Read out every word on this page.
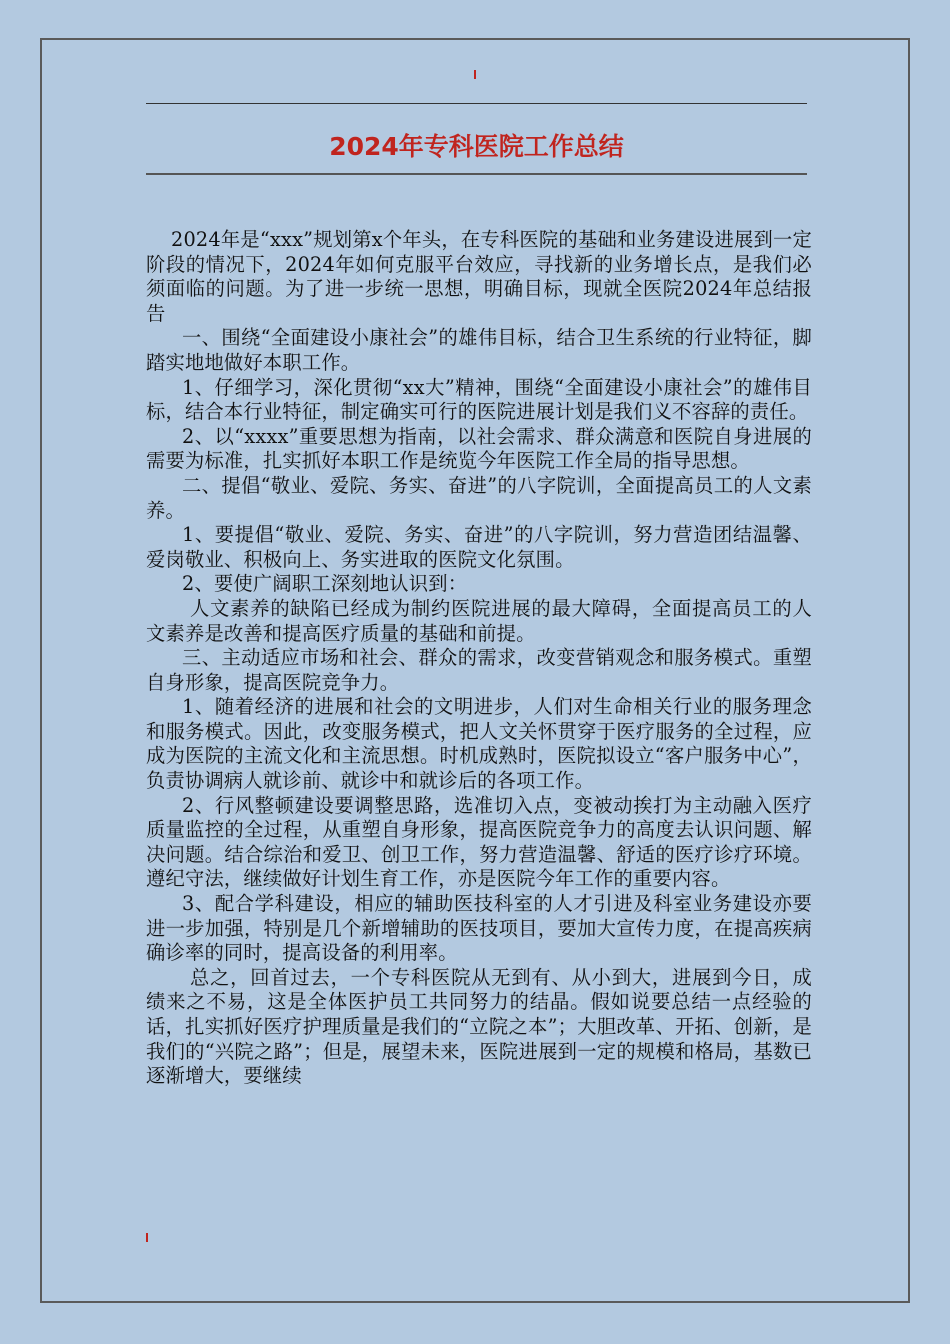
2024年专科医院工作总结

2024年是“xxx”规划第x个年头，在专科医院的基础和业务建设进展到一定阶段的情况下，2024年如何克服平台效应，寻找新的业务增长点，是我们必须面临的问题。为了进一步统一思想，明确目标，现就全医院2024年总结报告

一、围绕“全面建设小康社会”的雄伟目标，结合卫生系统的行业特征，脚踏实地地做好本职工作。

1、仔细学习，深化贯彻“xx大”精神，围绕“全面建设小康社会”的雄伟目标，结合本行业特征，制定确实可行的医院进展计划是我们义不容辞的责任。

2、以“xxxx”重要思想为指南，以社会需求、群众满意和医院自身进展的需要为标准，扎实抓好本职工作是统览今年医院工作全局的指导思想。

二、提倡“敬业、爱院、务实、奋进”的八字院训，全面提高员工的人文素养。

1、要提倡“敬业、爱院、务实、奋进”的八字院训，努力营造团结温馨、爱岗敬业、积极向上、务实进取的医院文化氛围。

2、要使广阔职工深刻地认识到：

人文素养的缺陷已经成为制约医院进展的最大障碍，全面提高员工的人文素养是改善和提高医疗质量的基础和前提。

三、主动适应市场和社会、群众的需求，改变营销观念和服务模式。重塑自身形象，提高医院竞争力。

1、随着经济的进展和社会的文明进步，人们对生命相关行业的服务理念和服务模式。因此，改变服务模式，把人文关怀贯穿于医疗服务的全过程，应成为医院的主流文化和主流思想。时机成熟时，医院拟设立“客户服务中心”，负责协调病人就诊前、就诊中和就诊后的各项工作。

2、行风整顿建设要调整思路，选准切入点，变被动挨打为主动融入医疗质量监控的全过程，从重塑自身形象，提高医院竞争力的高度去认识问题、解决问题。结合综治和爱卫、创卫工作，努力营造温馨、舒适的医疗诊疗环境。遵纪守法，继续做好计划生育工作，亦是医院今年工作的重要内容。

3、配合学科建设，相应的辅助医技科室的人才引进及科室业务建设亦要进一步加强，特别是几个新增辅助的医技项目，要加大宣传力度，在提高疾病确诊率的同时，提高设备的利用率。

总之，回首过去，一个专科医院从无到有、从小到大，进展到今日，成绩来之不易，这是全体医护员工共同努力的结晶。假如说要总结一点经验的话，扎实抓好医疗护理质量是我们的“立院之本”；大胆改革、开拓、创新，是我们的“兴院之路”；但是，展望未来，医院进展到一定的规模和格局，基数已逐渐增大，要继续
